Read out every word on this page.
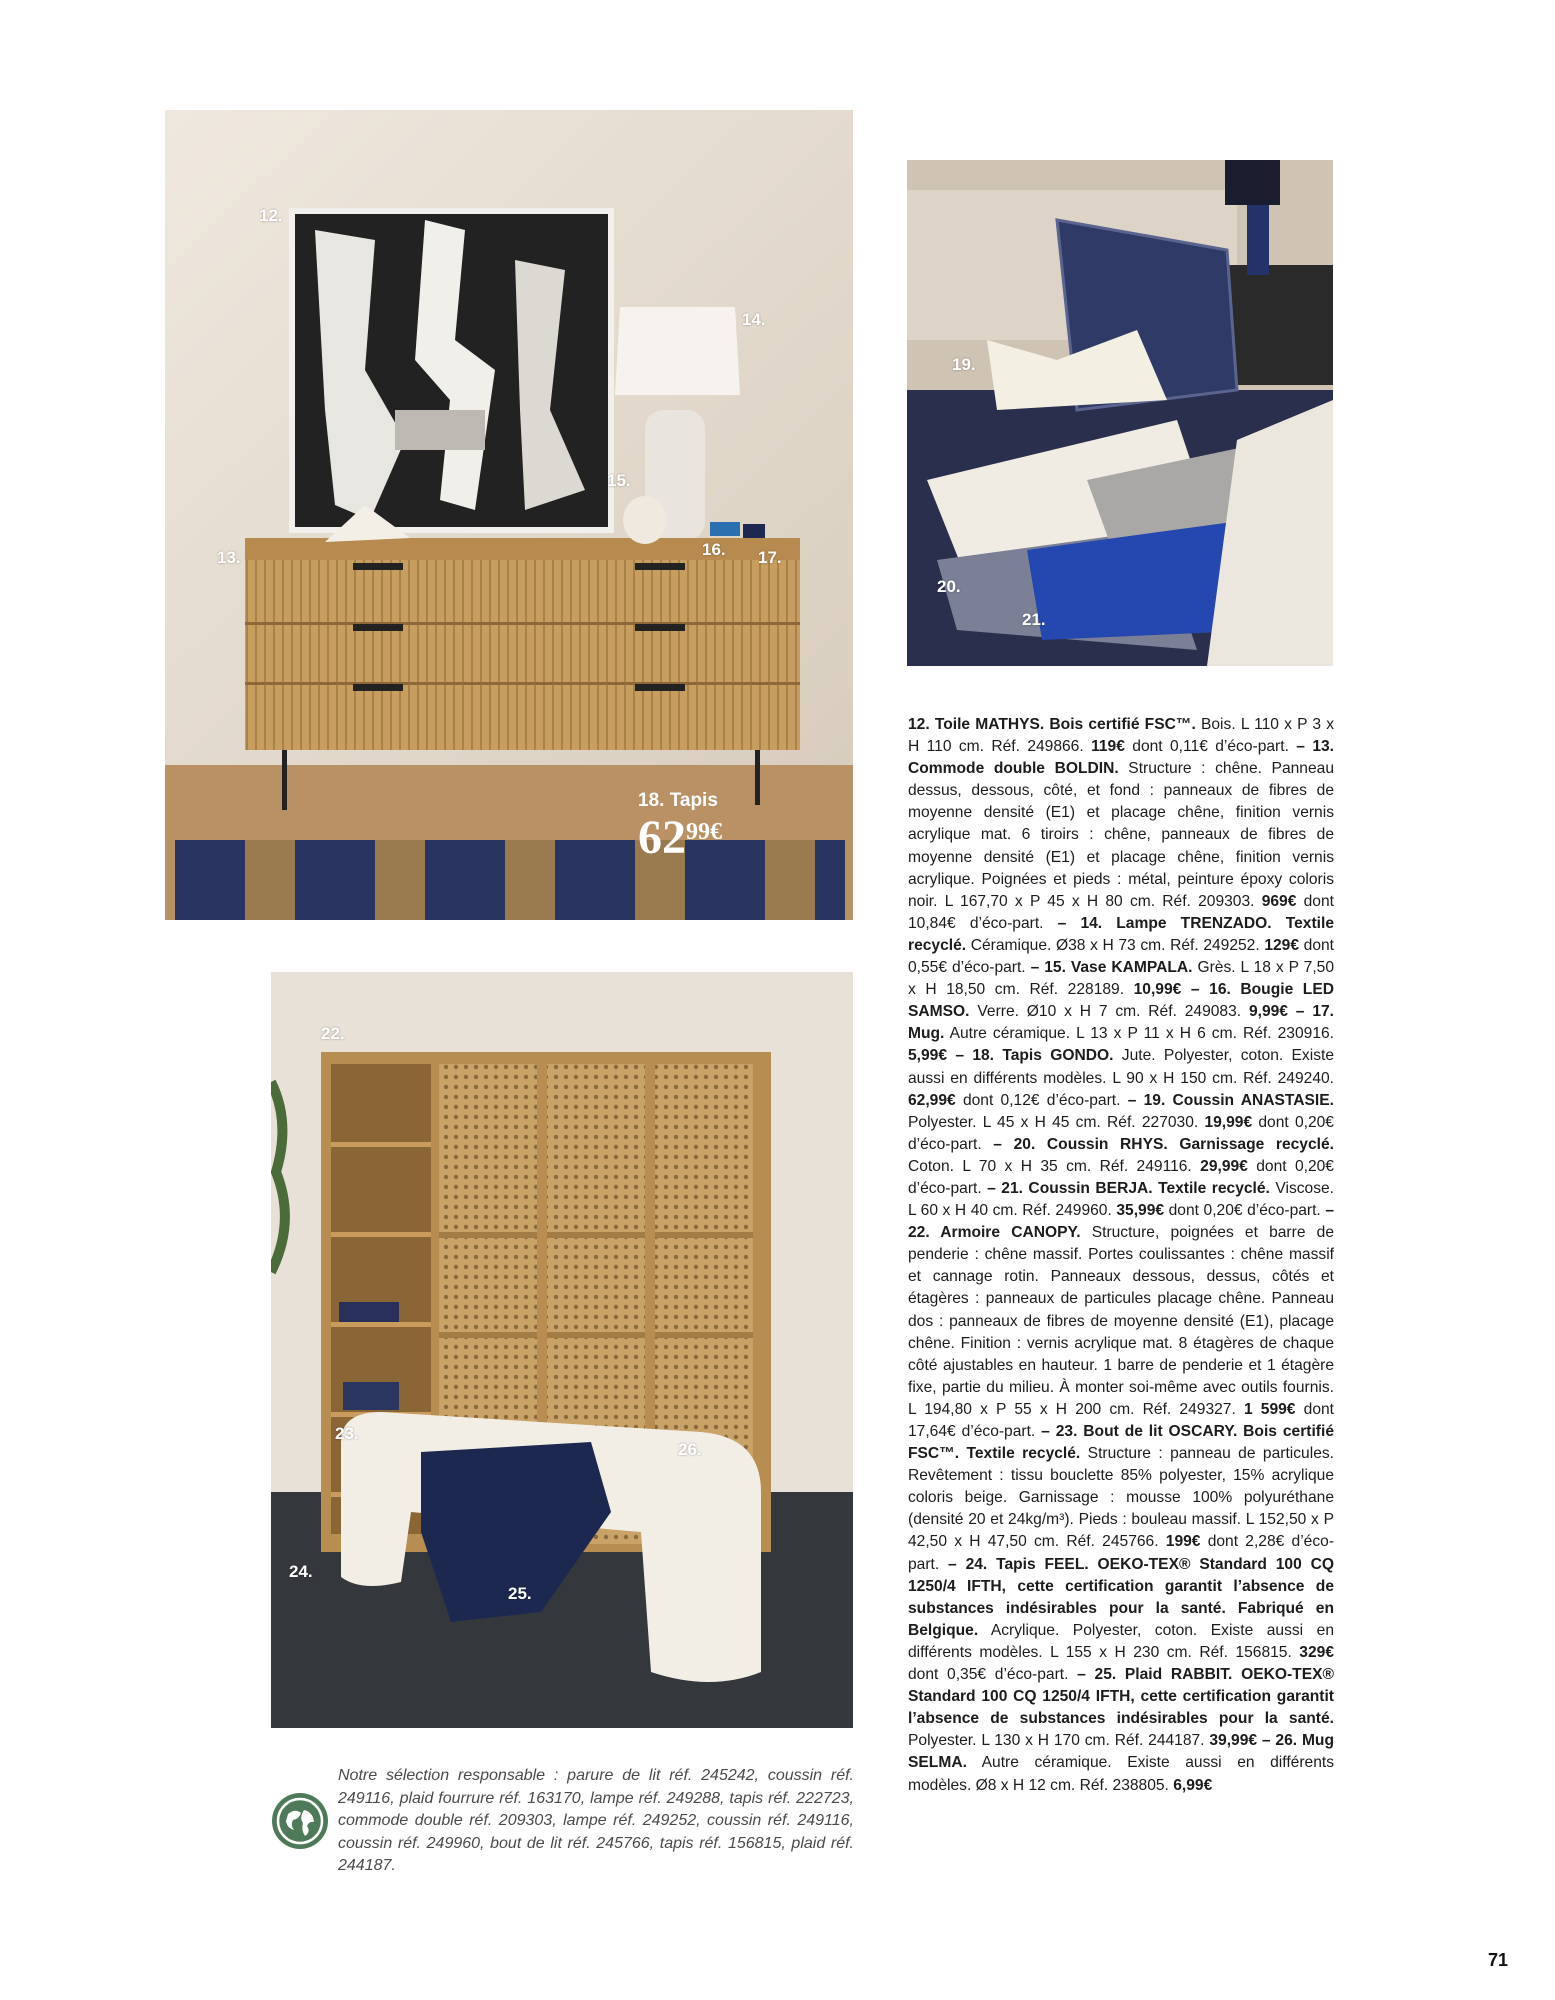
12.
13.
14.
15.
16. 17.
18. Tapis
$62^{99€}$
19.
20.
21.
22.
23.
24.
25.
26.
12. Toile MATHYS. Bois certifié FSC™. Bois. L 110 x P 3 x H 110 cm. Réf. 249866. 119€ dont 0,11€ d’éco-part. – 13. Commode double BOLDIN. Structure : chêne. Panneau dessus, dessous, côté, et fond : panneaux de fibres de moyenne densité (E1) et placage chêne, finition vernis acrylique mat. 6 tiroirs : chêne, panneaux de fibres de moyenne densité (E1) et placage chêne, finition vernis acrylique. Poignées et pieds : métal, peinture époxy coloris noir. L 167,70 x P 45 x H 80 cm. Réf. 209303. 969€ dont 10,84€ d’éco-part. – 14. Lampe TRENZADO. Textile recyclé. Céramique. Ø38 x H 73 cm. Réf. 249252. 129€ dont 0,55€ d’éco-part. – 15. Vase KAMPALA. Grès. L 18 x P 7,50 x H 18,50 cm. Réf. 228189. 10,99€ – 16. Bougie LED SAMSO. Verre. Ø10 x H 7 cm. Réf. 249083. 9,99€ – 17. Mug. Autre céramique. L 13 x P 11 x H 6 cm. Réf. 230916. 5,99€ – 18. Tapis GONDO. Jute. Polyester, coton. Existe aussi en différents modèles. L 90 x H 150 cm. Réf. 249240. 62,99€ dont 0,12€ d’éco-part. – 19. Coussin ANASTASIE. Polyester. L 45 x H 45 cm. Réf. 227030. 19,99€ dont 0,20€ d’éco-part. – 20. Coussin RHYS. Garnissage recyclé. Coton. L 70 x H 35 cm. Réf. 249116. 29,99€ dont 0,20€ d’éco-part. – 21. Coussin BERJA. Textile recyclé. Viscose. L 60 x H 40 cm. Réf. 249960. 35,99€ dont 0,20€ d’éco-part. – 22. Armoire CANOPY. Structure, poignées et barre de penderie : chêne massif. Portes coulissantes : chêne massif et cannage rotin. Panneaux dessous, dessus, côtés et étagères : panneaux de particules placage chêne. Panneau dos : panneaux de fibres de moyenne densité (E1), placage chêne. Finition : vernis acrylique mat. 8 étagères de chaque côté ajustables en hauteur. 1 barre de penderie et 1 étagère fixe, partie du milieu. À monter soi-même avec outils fournis. L 194,80 x P 55 x H 200 cm. Réf. 249327. 1 599€ dont 17,64€ d’éco-part. – 23. Bout de lit OSCARY. Bois certifié FSC™. Textile recyclé. Structure : panneau de particules. Revêtement : tissu bouclette 85% polyester, 15% acrylique coloris beige. Garnissage : mousse 100% polyuréthane (densité 20 et 24kg/m³). Pieds : bouleau massif. L 152,50 x P 42,50 x H 47,50 cm. Réf. 245766. 199€ dont 2,28€ d’éco-part. – 24. Tapis FEEL. OEKO-TEX® Standard 100 CQ 1250/4 IFTH, cette certification garantit l’absence de substances indésirables pour la santé. Fabriqué en Belgique. Acrylique. Polyester, coton. Existe aussi en différents modèles. L 155 x H 230 cm. Réf. 156815. 329€ dont 0,35€ d’éco-part. – 25. Plaid RABBIT. OEKO-TEX® Standard 100 CQ 1250/4 IFTH, cette certification garantit l’absence de substances indésirables pour la santé. Polyester. L 130 x H 170 cm. Réf. 244187. 39,99€ – 26. Mug SELMA. Autre céramique. Existe aussi en différents modèles. Ø8 x H 12 cm. Réf. 238805. 6,99€
Notre sélection responsable : parure de lit réf. 245242, coussin réf. 249116, plaid fourrure réf. 163170, lampe réf. 249288, tapis réf. 222723, commode double réf. 209303, lampe réf. 249252, coussin réf. 249116, coussin réf. 249960, bout de lit réf. 245766, tapis réf. 156815, plaid réf. 244187.
71
